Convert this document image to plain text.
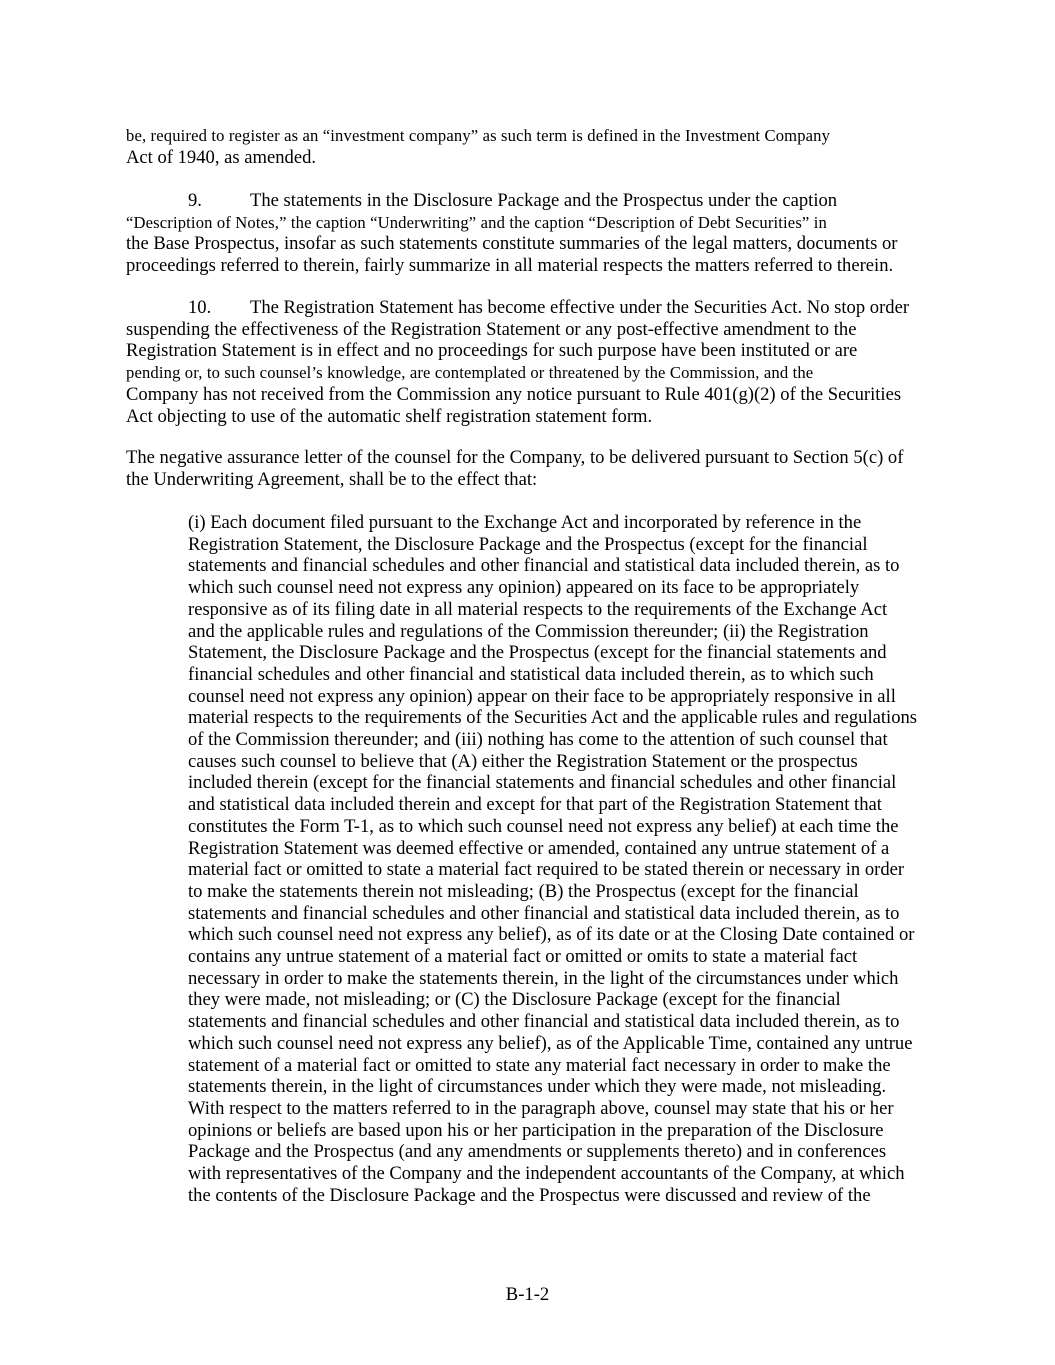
be, required to register as an “investment company” as such term is defined in the Investment Company
Act of 1940, as amended.
9.	The statements in the Disclosure Package and the Prospectus under the caption
“Description of Notes,” the caption “Underwriting” and the caption “Description of Debt Securities” in
the Base Prospectus, insofar as such statements constitute summaries of the legal matters, documents or
proceedings referred to therein, fairly summarize in all material respects the matters referred to therein.
10. The Registration Statement has become effective under the Securities Act. No stop order
suspending the effectiveness of the Registration Statement or any post-effective amendment to the
Registration Statement is in effect and no proceedings for such purpose have been instituted or are
pending or, to such counsel’s knowledge, are contemplated or threatened by the Commission, and the
Company has not received from the Commission any notice pursuant to Rule 401(g)(2) of the Securities
Act objecting to use of the automatic shelf registration statement form.
The negative assurance letter of the counsel for the Company, to be delivered pursuant to Section 5(c) of
the Underwriting Agreement, shall be to the effect that:
(i) Each document filed pursuant to the Exchange Act and incorporated by reference in the
Registration Statement, the Disclosure Package and the Prospectus (except for the financial
statements and financial schedules and other financial and statistical data included therein, as to
which such counsel need not express any opinion) appeared on its face to be appropriately
responsive as of its filing date in all material respects to the requirements of the Exchange Act
and the applicable rules and regulations of the Commission thereunder; (ii) the Registration
Statement, the Disclosure Package and the Prospectus (except for the financial statements and
financial schedules and other financial and statistical data included therein, as to which such
counsel need not express any opinion) appear on their face to be appropriately responsive in all
material respects to the requirements of the Securities Act and the applicable rules and regulations
of the Commission thereunder; and (iii) nothing has come to the attention of such counsel that
causes such counsel to believe that (A) either the Registration Statement or the prospectus
included therein (except for the financial statements and financial schedules and other financial
and statistical data included therein and except for that part of the Registration Statement that
constitutes the Form T-1, as to which such counsel need not express any belief) at each time the
Registration Statement was deemed effective or amended, contained any untrue statement of a
material fact or omitted to state a material fact required to be stated therein or necessary in order
to make the statements therein not misleading; (B) the Prospectus (except for the financial
statements and financial schedules and other financial and statistical data included therein, as to
which such counsel need not express any belief), as of its date or at the Closing Date contained or
contains any untrue statement of a material fact or omitted or omits to state a material fact
necessary in order to make the statements therein, in the light of the circumstances under which
they were made, not misleading; or (C) the Disclosure Package (except for the financial
statements and financial schedules and other financial and statistical data included therein, as to
which such counsel need not express any belief), as of the Applicable Time, contained any untrue
statement of a material fact or omitted to state any material fact necessary in order to make the
statements therein, in the light of circumstances under which they were made, not misleading.
With respect to the matters referred to in the paragraph above, counsel may state that his or her
opinions or beliefs are based upon his or her participation in the preparation of the Disclosure
Package and the Prospectus (and any amendments or supplements thereto) and in conferences
with representatives of the Company and the independent accountants of the Company, at which
the contents of the Disclosure Package and the Prospectus were discussed and review of the
B-1-2
